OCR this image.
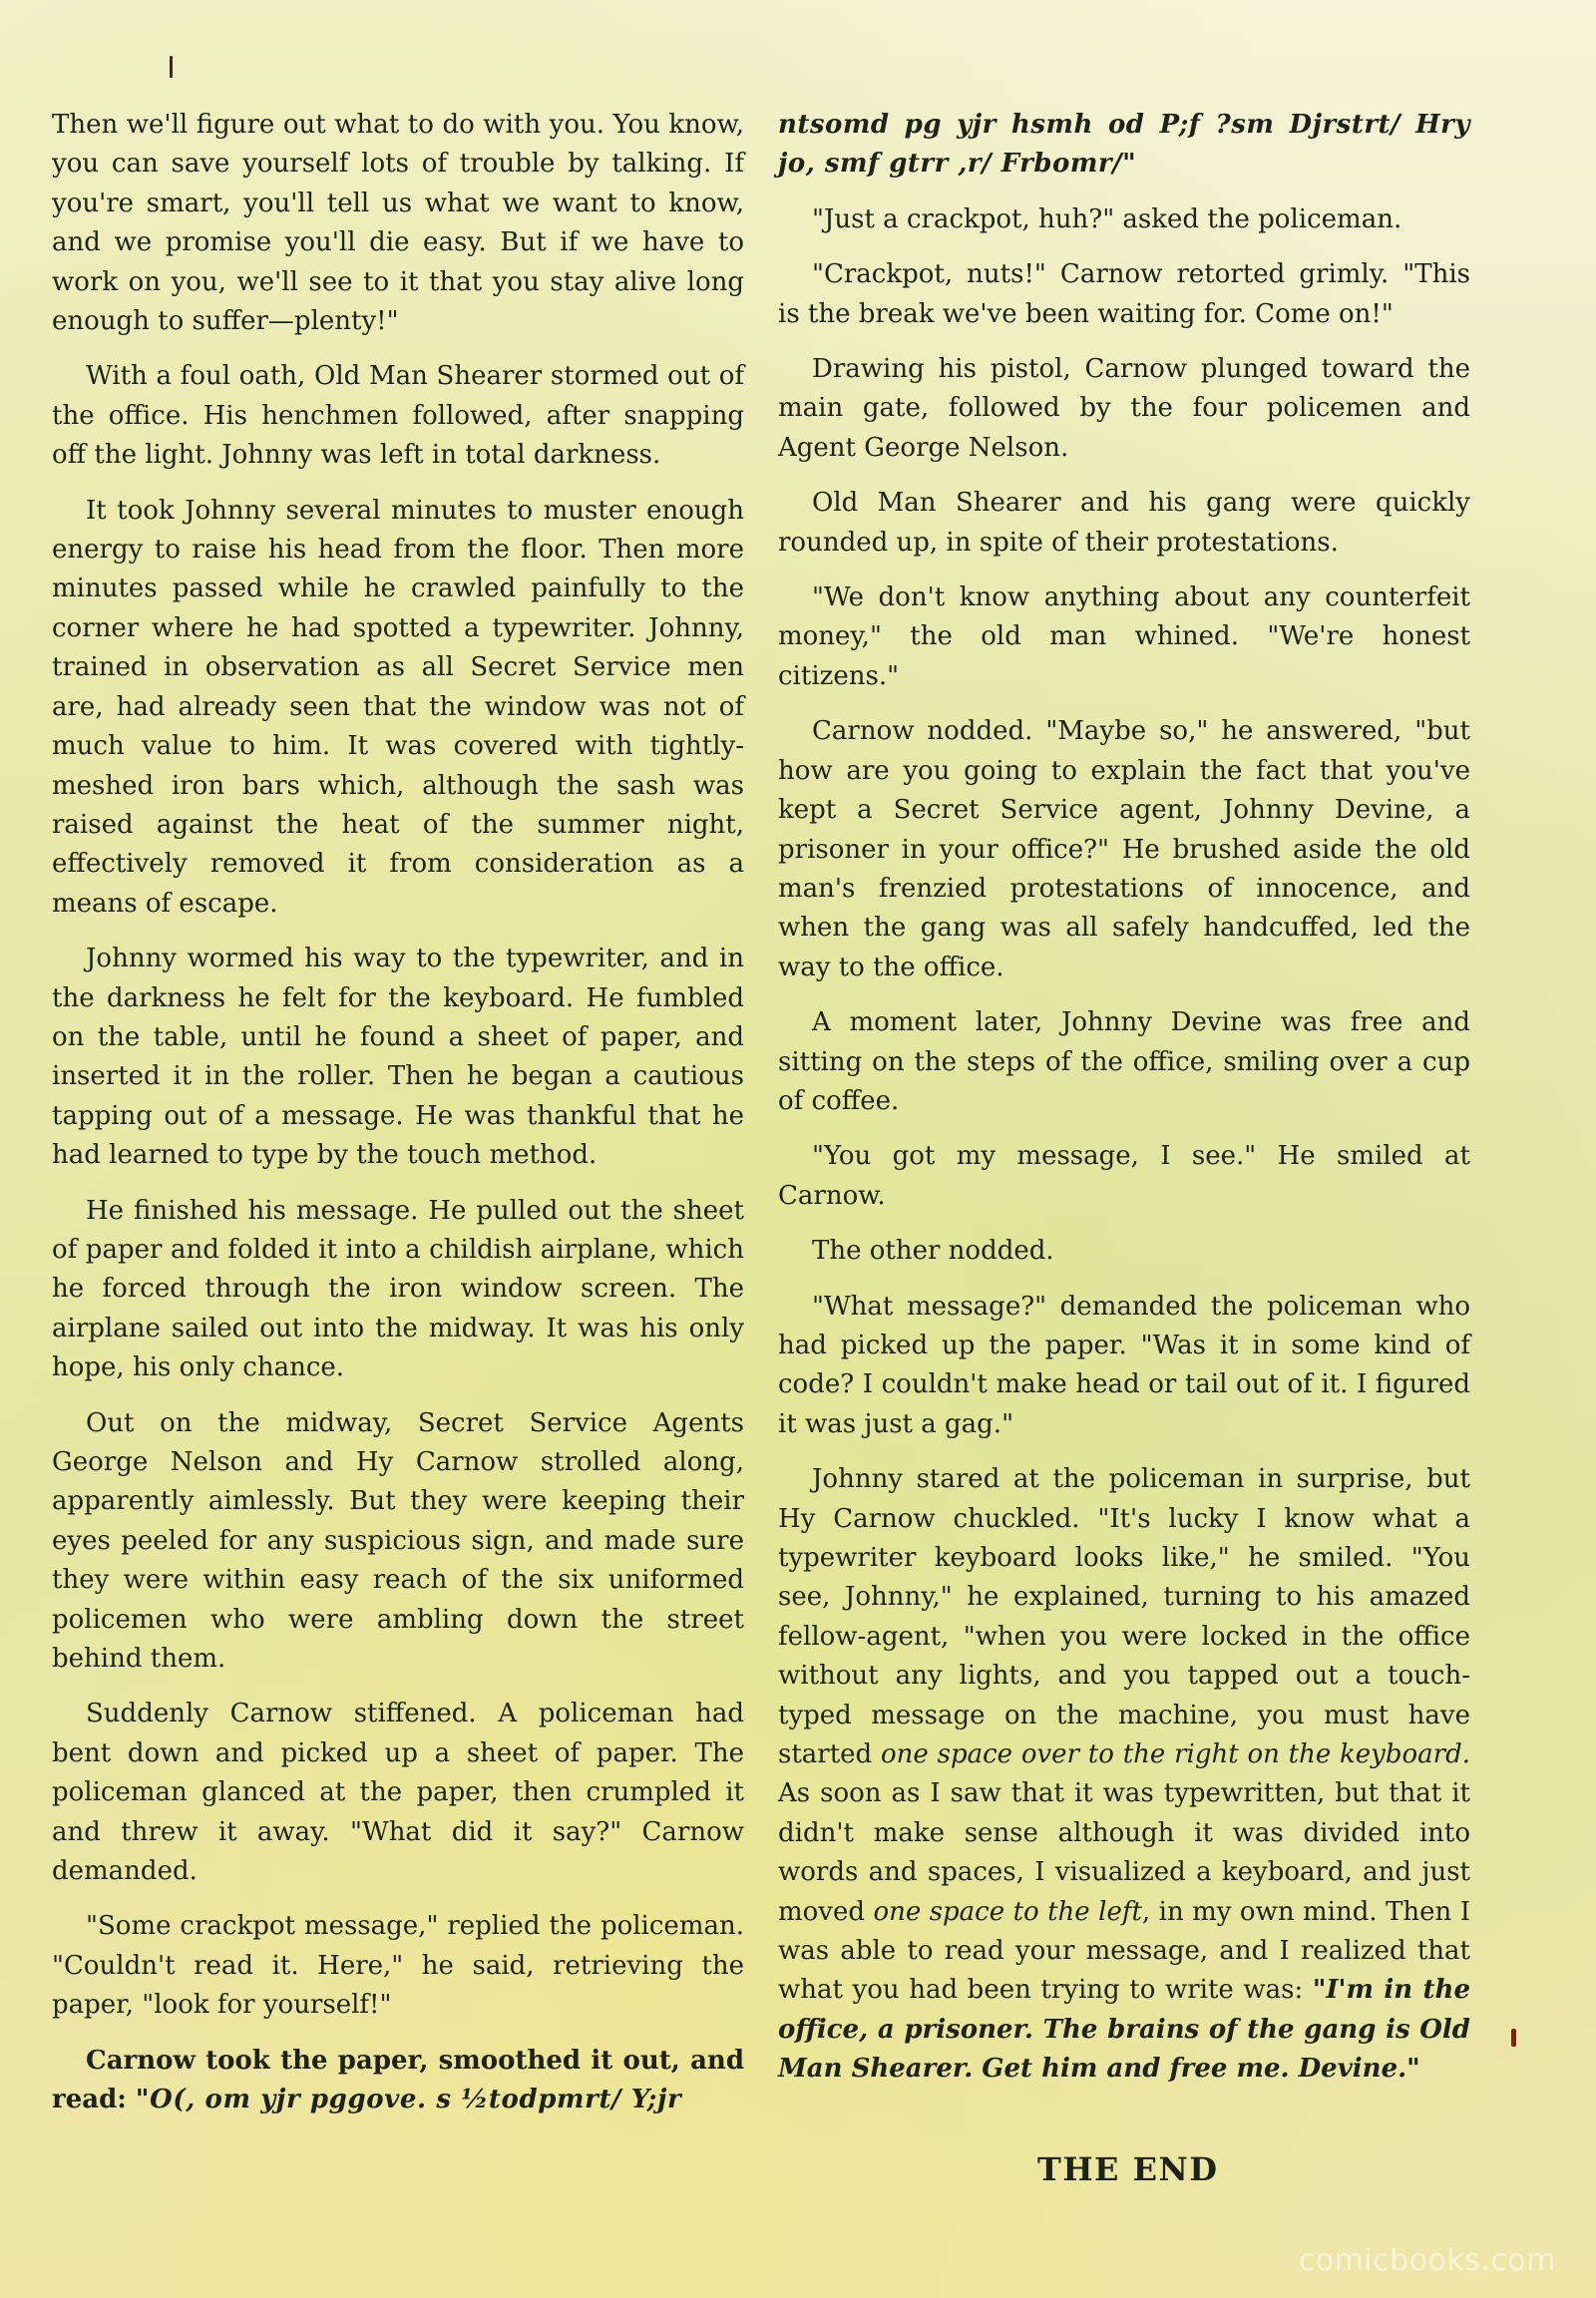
Then we'll figure out what to do with you. You know, you can save yourself lots of trouble by talking. If you're smart, you'll tell us what we want to know, and we promise you'll die easy. But if we have to work on you, we'll see to it that you stay alive long enough to suffer—plenty!"

With a foul oath, Old Man Shearer stormed out of the office. His henchmen followed, after snapping off the light. Johnny was left in total darkness.

It took Johnny several minutes to muster enough energy to raise his head from the floor. Then more minutes passed while he crawled painfully to the corner where he had spotted a typewriter. Johnny, trained in observation as all Secret Service men are, had already seen that the window was not of much value to him. It was covered with tightly-meshed iron bars which, although the sash was raised against the heat of the summer night, effectively removed it from consideration as a means of escape.

Johnny wormed his way to the typewriter, and in the darkness he felt for the keyboard. He fumbled on the table, until he found a sheet of paper, and inserted it in the roller. Then he began a cautious tapping out of a message. He was thankful that he had learned to type by the touch method.

He finished his message. He pulled out the sheet of paper and folded it into a childish airplane, which he forced through the iron window screen. The airplane sailed out into the midway. It was his only hope, his only chance.

Out on the midway, Secret Service Agents George Nelson and Hy Carnow strolled along, apparently aimlessly. But they were keeping their eyes peeled for any suspicious sign, and made sure they were within easy reach of the six uniformed policemen who were ambling down the street behind them.

Suddenly Carnow stiffened. A policeman had bent down and picked up a sheet of paper. The policeman glanced at the paper, then crumpled it and threw it away. "What did it say?" Carnow demanded.

"Some crackpot message," replied the policeman. "Couldn't read it. Here," he said, retrieving the paper, "look for yourself!"

Carnow took the paper, smoothed it out, and read: "O(, om yjr pggove. s ½todpmrt/ Y;jr

ntsomd pg yjr hsmh od P;f ?sm Djrstrt/ Hry jo, smf gtrr ,r/ Frbomr/"

"Just a crackpot, huh?" asked the policeman.

"Crackpot, nuts!" Carnow retorted grimly. "This is the break we've been waiting for. Come on!"

Drawing his pistol, Carnow plunged toward the main gate, followed by the four policemen and Agent George Nelson.

Old Man Shearer and his gang were quickly rounded up, in spite of their protestations.

"We don't know anything about any counterfeit money," the old man whined. "We're honest citizens."

Carnow nodded. "Maybe so," he answered, "but how are you going to explain the fact that you've kept a Secret Service agent, Johnny Devine, a prisoner in your office?" He brushed aside the old man's frenzied protestations of innocence, and when the gang was all safely handcuffed, led the way to the office.

A moment later, Johnny Devine was free and sitting on the steps of the office, smiling over a cup of coffee.

"You got my message, I see." He smiled at Carnow.

The other nodded.

"What message?" demanded the policeman who had picked up the paper. "Was it in some kind of code? I couldn't make head or tail out of it. I figured it was just a gag."

Johnny stared at the policeman in surprise, but Hy Carnow chuckled. "It's lucky I know what a typewriter keyboard looks like," he smiled. "You see, Johnny," he explained, turning to his amazed fellow-agent, "when you were locked in the office without any lights, and you tapped out a touch-typed message on the machine, you must have started one space over to the right on the keyboard. As soon as I saw that it was typewritten, but that it didn't make sense although it was divided into words and spaces, I visualized a keyboard, and just moved one space to the left, in my own mind. Then I was able to read your message, and I realized that what you had been trying to write was: "I'm in the office, a prisoner. The brains of the gang is Old Man Shearer. Get him and free me. Devine."

THE END
comicbooks.com
